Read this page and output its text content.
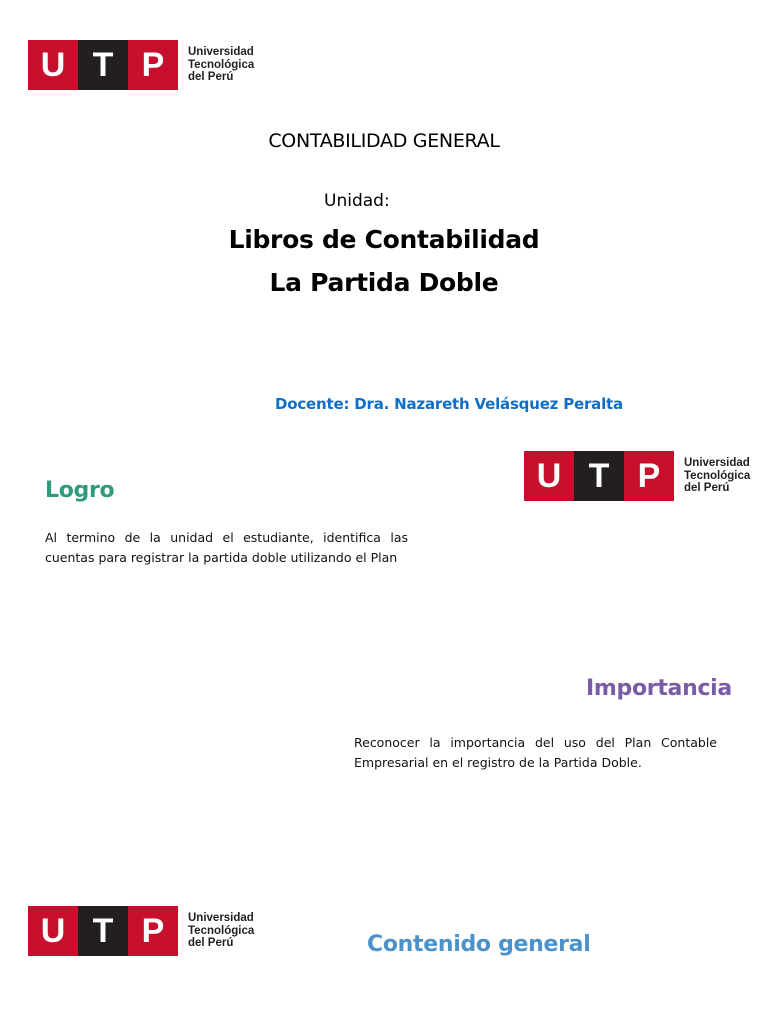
U T P	Universidad
Tecnológica
del Perú
CONTABILIDAD GENERAL
Unidad:
Libros de Contabilidad
La Partida Doble
Docente: Dra. Nazareth Velásquez Peralta
U T P	Universidad
Tecnológica
del Perú
Logro
Al termino de la unidad el estudiante, identifica las cuentas para registrar la partida doble utilizando el Plan
Importancia
Reconocer la importancia del uso del Plan Contable Empresarial en el registro de la Partida Doble.
U T P	Universidad
Tecnológica
del Perú	Contenido general
